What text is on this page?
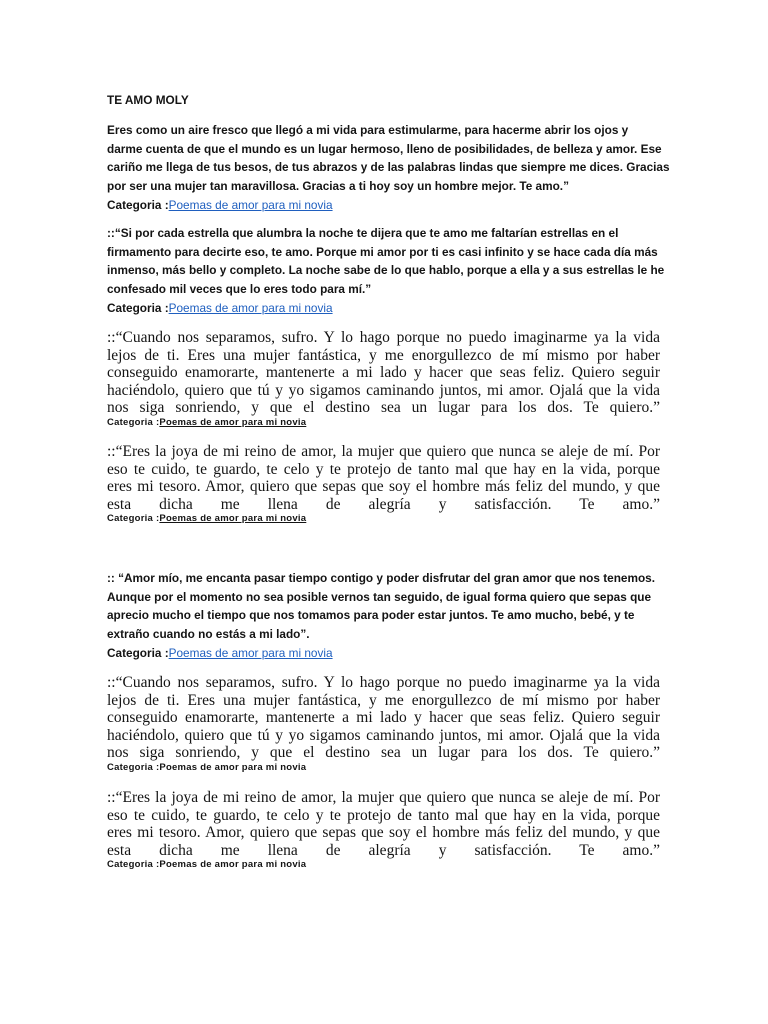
TE AMO MOLY
Eres como un aire fresco que llegó a mi vida para estimularme, para hacerme abrir los ojos y
darme cuenta de que el mundo es un lugar hermoso, lleno de posibilidades, de belleza y amor. Ese
cariño me llega de tus besos, de tus abrazos y de las palabras lindas que siempre me dices. Gracias
por ser una mujer tan maravillosa. Gracias a ti hoy soy un hombre mejor. Te amo.”
Categoria :Poemas de amor para mi novia
::“Si por cada estrella que alumbra la noche te dijera que te amo me faltarían estrellas en el
firmamento para decirte eso, te amo. Porque mi amor por ti es casi infinito y se hace cada día más
inmenso, más bello y completo. La noche sabe de lo que hablo, porque a ella y a sus estrellas le he
confesado mil veces que lo eres todo para mí.”
Categoria :Poemas de amor para mi novia
::“Cuando nos separamos, sufro. Y lo hago porque no puedo imaginarme ya la vida
lejos de ti. Eres una mujer fantástica, y me enorgullezco de mí mismo por haber
conseguido enamorarte, mantenerte a mi lado y hacer que seas feliz. Quiero seguir
haciéndolo, quiero que tú y yo sigamos caminando juntos, mi amor. Ojalá que la vida
nos siga sonriendo, y que el destino sea un lugar para los dos. Te quiero.”
Categoria :Poemas de amor para mi novia
::“Eres la joya de mi reino de amor, la mujer que quiero que nunca se aleje de mí. Por
eso te cuido, te guardo, te celo y te protejo de tanto mal que hay en la vida, porque
eres mi tesoro. Amor, quiero que sepas que soy el hombre más feliz del mundo, y que
esta dicha me llena de alegría y satisfacción. Te amo.”
Categoria :Poemas de amor para mi novia
:: “Amor mío, me encanta pasar tiempo contigo y poder disfrutar del gran amor que nos tenemos.
Aunque por el momento no sea posible vernos tan seguido, de igual forma quiero que sepas que
aprecio mucho el tiempo que nos tomamos para poder estar juntos. Te amo mucho, bebé, y te
extraño cuando no estás a mi lado”.
Categoria :Poemas de amor para mi novia
::“Cuando nos separamos, sufro. Y lo hago porque no puedo imaginarme ya la vida
lejos de ti. Eres una mujer fantástica, y me enorgullezco de mí mismo por haber
conseguido enamorarte, mantenerte a mi lado y hacer que seas feliz. Quiero seguir
haciéndolo, quiero que tú y yo sigamos caminando juntos, mi amor. Ojalá que la vida
nos siga sonriendo, y que el destino sea un lugar para los dos. Te quiero.”
Categoria :Poemas de amor para mi novia
::“Eres la joya de mi reino de amor, la mujer que quiero que nunca se aleje de mí. Por
eso te cuido, te guardo, te celo y te protejo de tanto mal que hay en la vida, porque
eres mi tesoro. Amor, quiero que sepas que soy el hombre más feliz del mundo, y que
esta dicha me llena de alegría y satisfacción. Te amo.”
Categoria :Poemas de amor para mi novia
